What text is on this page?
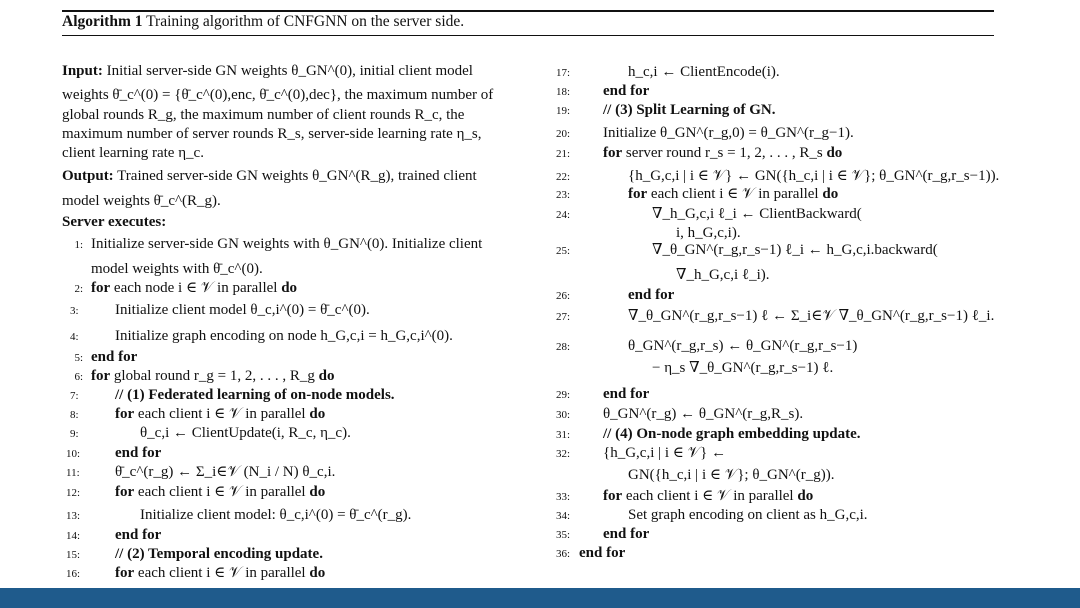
Algorithm 1 Training algorithm of CNFGNN on the server side.
Input: Initial server-side GN weights θ_GN^(0), initial client model
weights θ̄_c^(0) = {θ̄_c^(0),enc, θ̄_c^(0),dec}, the maximum number of
global rounds R_g, the maximum number of client rounds R_c, the
maximum number of server rounds R_s, server-side learning rate η_s,
client learning rate η_c.
Output: Trained server-side GN weights θ_GN^(R_g), trained client
model weights θ̄_c^(R_g).
Server executes:
1: Initialize server-side GN weights with θ_GN^(0). Initialize client
model weights with θ̄_c^(0).
2: for each node i ∈ 𝒱 in parallel do
3: Initialize client model θ_c,i^(0) = θ̄_c^(0).
4: Initialize graph encoding on node h_G,c,i = h_G,c,i^(0).
5: end for
6: for global round r_g = 1, 2, . . . , R_g do
7: // (1) Federated learning of on-node models.
8: for each client i ∈ 𝒱 in parallel do
9:	θ_c,i ← ClientUpdate(i, R_c, η_c).
10: end for
11: θ̄_c^(r_g) ← Σ_i∈𝒱 (N_i / N) θ_c,i.
12: for each client i ∈ 𝒱 in parallel do
13:	Initialize client model: θ_c,i^(0) = θ̄_c^(r_g).
14: end for
15: // (2) Temporal encoding update.
16: for each client i ∈ 𝒱 in parallel do
17:	h_c,i ← ClientEncode(i).
18: end for
19: // (3) Split Learning of GN.
20: Initialize θ_GN^(r_g,0) = θ_GN^(r_g−1).
21: for server round r_s = 1, 2, . . . , R_s do
22:	{h_G,c,i | i ∈ 𝒱} ← GN({h_c,i | i ∈ 𝒱}; θ_GN^(r_g,r_s−1)).
23:	for each client i ∈ 𝒱 in parallel do
24:	∇_h_G,c,i ℓ_i ← ClientBackward(
i, h_G,c,i).
25:	∇_θ_GN^(r_g,r_s−1) ℓ_i ← h_G,c,i.backward(
∇_h_G,c,i ℓ_i).
26:	end for
27:	∇_θ_GN^(r_g,r_s−1) ℓ ← Σ_i∈𝒱 ∇_θ_GN^(r_g,r_s−1) ℓ_i.
28:	θ_GN^(r_g,r_s) ← θ_GN^(r_g,r_s−1)
− η_s ∇_θ_GN^(r_g,r_s−1) ℓ.
29: end for
30: θ_GN^(r_g) ← θ_GN^(r_g,R_s).
31: // (4) On-node graph embedding update.
32: {h_G,c,i | i ∈ 𝒱} ←
GN({h_c,i | i ∈ 𝒱}; θ_GN^(r_g)).
33: for each client i ∈ 𝒱 in parallel do
34:	Set graph encoding on client as h_G,c,i.
35: end for
36: end for
